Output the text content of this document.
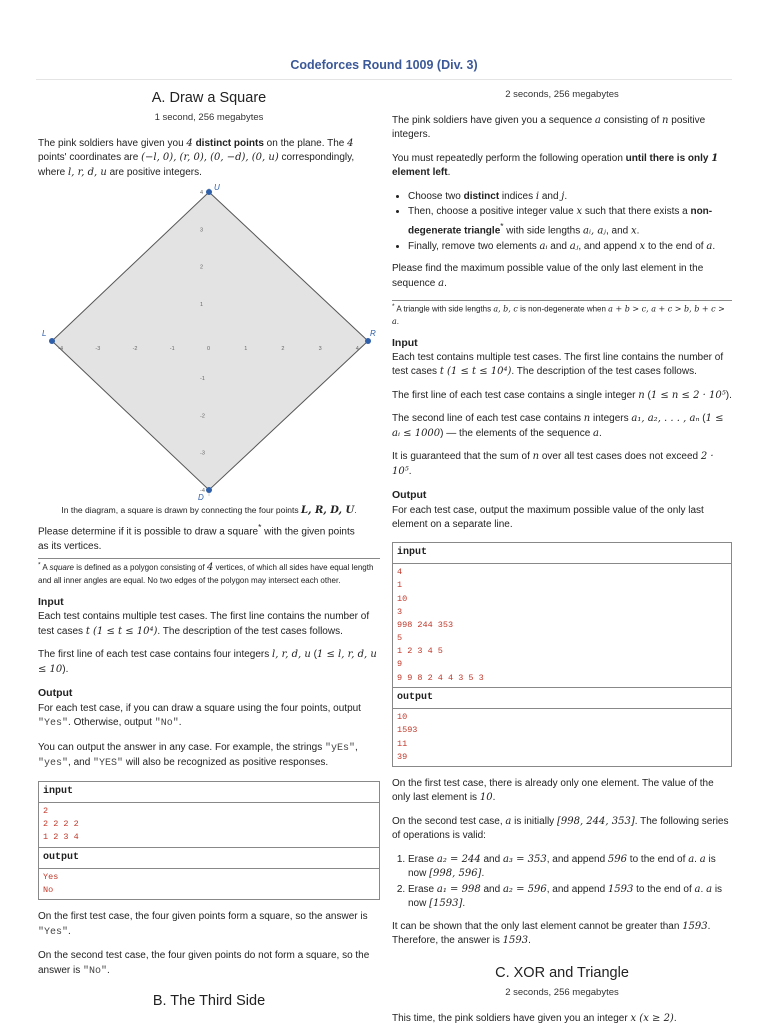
Codeforces Round 1009 (Div. 3)
A. Draw a Square
1 second, 256 megabytes

The pink soldiers have given you 4 distinct points on the plane. The 4
points' coordinates are (−l, 0), (r, 0), (0, −d), (0, u) correspondingly,
where l, r, d, u are positive integers.

-4	-3	-2	-1	0	1	2	3	4
4
3
2
1
-1
-2
-3
-4
U
L	R
D
In the diagram, a square is drawn by connecting the four points L, R, D, U.

Please determine if it is possible to draw a square* with the given points
as its vertices.

* A square is defined as a polygon consisting of 4 vertices, of which all sides have equal length and all inner angles are equal. No two edges of the polygon may intersect each other.
Input

Each test contains multiple test cases. The first line contains the number of test cases t (1 ≤ t ≤ 10⁴). The description of the test cases follows.

The first line of each test case contains four integers l, r, d, u (1 ≤ l, r, d, u ≤ 10).

Output

For each test case, if you can draw a square using the four points, output "Yes". Otherwise, output "No".

You can output the answer in any case. For example, the strings "yEs", "yes", and "YES" will also be recognized as positive responses.

input
2
2 2 2 2
1 2 3 4
output
Yes
No

On the first test case, the four given points form a square, so the answer is "Yes".

On the second test case, the four given points do not form a square, so the answer is "No".

B. The Third Side
2 seconds, 256 megabytes

The pink soldiers have given you a sequence a consisting of n positive integers.

You must repeatedly perform the following operation until there is only 1 element left.

• Choose two distinct indices i and j.
• Then, choose a positive integer value x such that there exists a non-degenerate triangle* with side lengths aᵢ, aⱼ, and x.
• Finally, remove two elements aᵢ and aⱼ, and append x to the end of a.

Please find the maximum possible value of the only last element in the sequence a.

* A triangle with side lengths a, b, c is non-degenerate when a + b > c, a + c > b, b + c > a.
Input

Each test contains multiple test cases. The first line contains the number of test cases t (1 ≤ t ≤ 10⁴). The description of the test cases follows.

The first line of each test case contains a single integer n (1 ≤ n ≤ 2 · 10⁵).

The second line of each test case contains n integers a₁, a₂, . . . , aₙ (1 ≤ aᵢ ≤ 1000) — the elements of the sequence a.

It is guaranteed that the sum of n over all test cases does not exceed 2 · 10⁵.

Output

For each test case, output the maximum possible value of the only last element on a separate line.

input
4
1
10
3
998 244 353
5
1 2 3 4 5
9
9 9 8 2 4 4 3 5 3
output
10
1593
11
39

On the first test case, there is already only one element. The value of the only last element is 10.

On the second test case, a is initially [998, 244, 353]. The following series of operations is valid:

1. Erase a₂ = 244 and a₃ = 353, and append 596 to the end of a. a is now [998, 596].
2. Erase a₁ = 998 and a₂ = 596, and append 1593 to the end of a. a is now [1593].

It can be shown that the only last element cannot be greater than 1593. Therefore, the answer is 1593.

C. XOR and Triangle
2 seconds, 256 megabytes

This time, the pink soldiers have given you an integer x (x ≥ 2).
